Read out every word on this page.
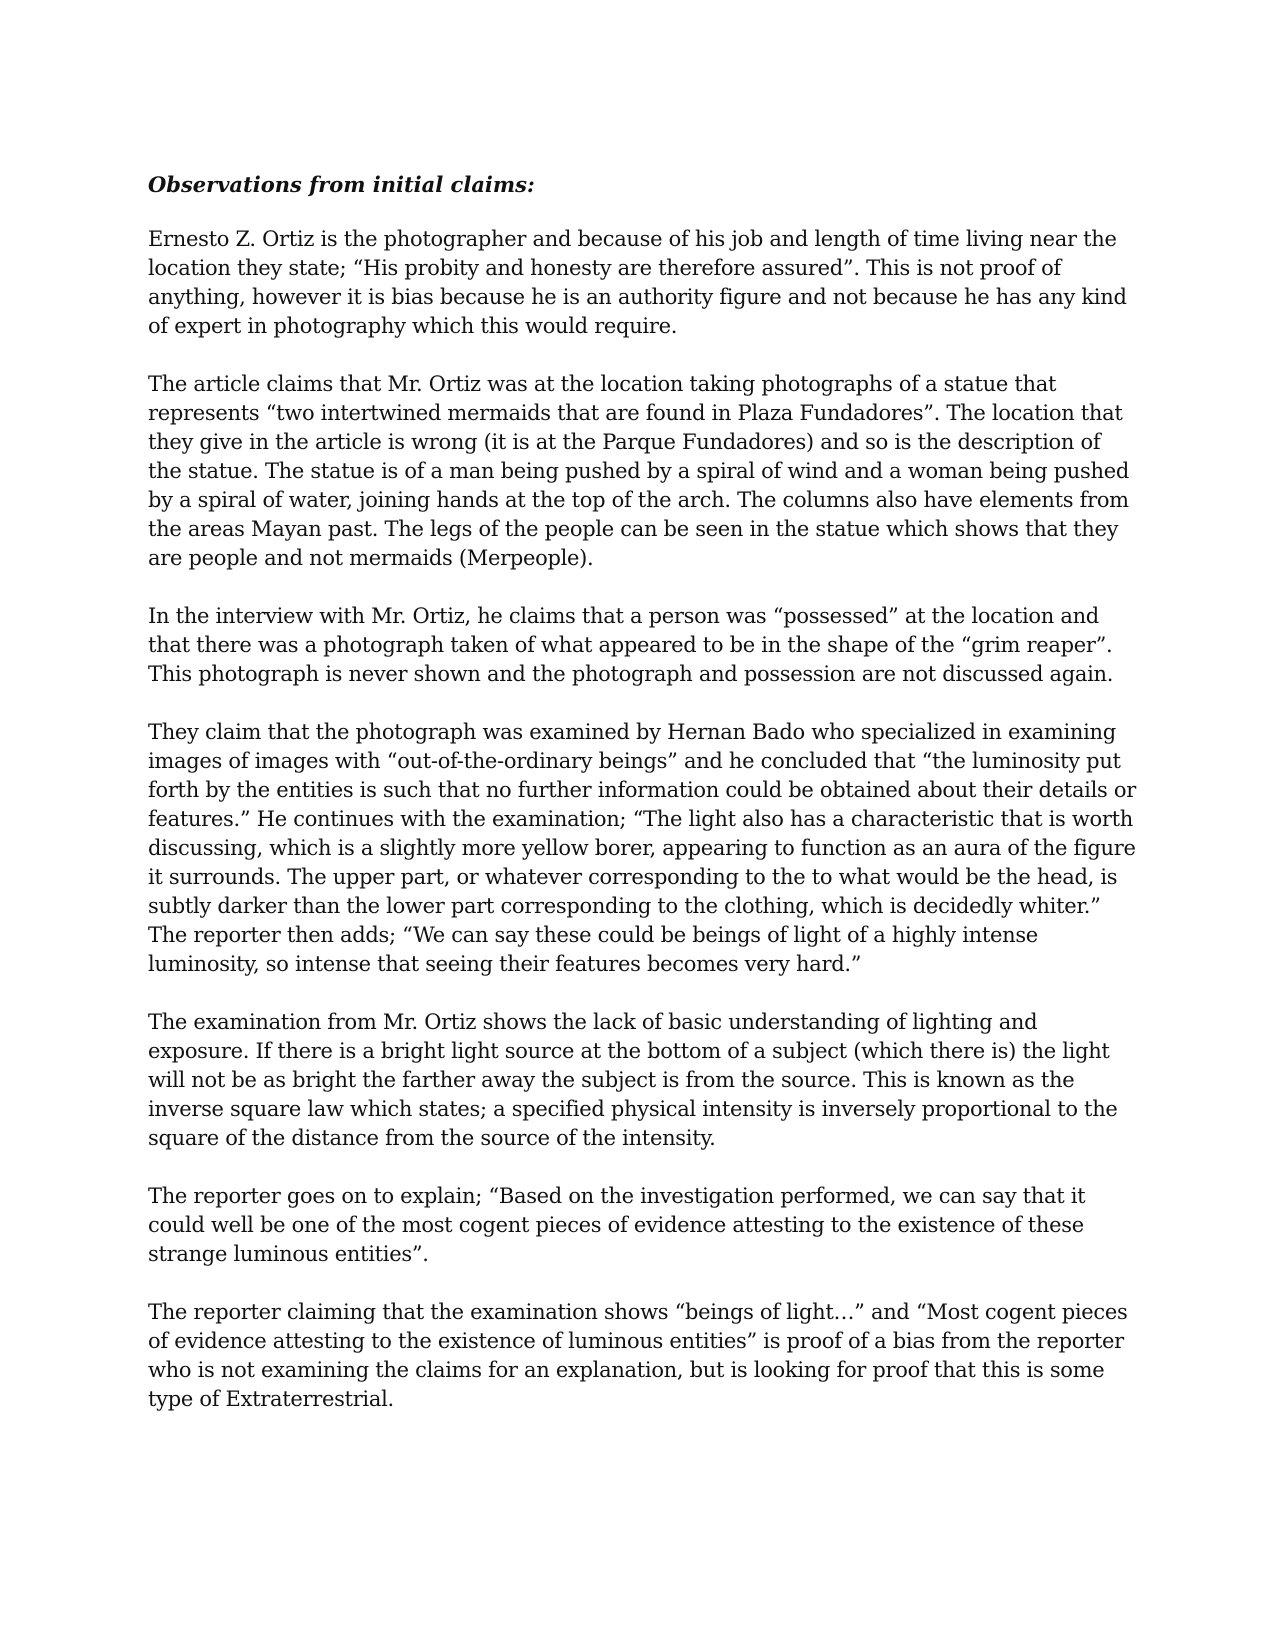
Observations from initial claims:

Ernesto Z. Ortiz is the photographer and because of his job and length of time living near the location they state; “His probity and honesty are therefore assured”. This is not proof of anything, however it is bias because he is an authority figure and not because he has any kind of expert in photography which this would require.

The article claims that Mr. Ortiz was at the location taking photographs of a statue that represents “two intertwined mermaids that are found in Plaza Fundadores”. The location that they give in the article is wrong (it is at the Parque Fundadores) and so is the description of the statue. The statue is of a man being pushed by a spiral of wind and a woman being pushed by a spiral of water, joining hands at the top of the arch. The columns also have elements from the areas Mayan past. The legs of the people can be seen in the statue which shows that they are people and not mermaids (Merpeople).

In the interview with Mr. Ortiz, he claims that a person was “possessed” at the location and that there was a photograph taken of what appeared to be in the shape of the “grim reaper”. This photograph is never shown and the photograph and possession are not discussed again.

They claim that the photograph was examined by Hernan Bado who specialized in examining images of images with “out-of-the-ordinary beings” and he concluded that “the luminosity put forth by the entities is such that no further information could be obtained about their details or features.” He continues with the examination; “The light also has a characteristic that is worth discussing, which is a slightly more yellow borer, appearing to function as an aura of the figure it surrounds. The upper part, or whatever corresponding to the to what would be the head, is subtly darker than the lower part corresponding to the clothing, which is decidedly whiter.” The reporter then adds; “We can say these could be beings of light of a highly intense luminosity, so intense that seeing their features becomes very hard.”

The examination from Mr. Ortiz shows the lack of basic understanding of lighting and exposure. If there is a bright light source at the bottom of a subject (which there is) the light will not be as bright the farther away the subject is from the source. This is known as the inverse square law which states; a specified physical intensity is inversely proportional to the square of the distance from the source of the intensity.

The reporter goes on to explain; “Based on the investigation performed, we can say that it could well be one of the most cogent pieces of evidence attesting to the existence of these strange luminous entities”.

The reporter claiming that the examination shows “beings of light…” and “Most cogent pieces of evidence attesting to the existence of luminous entities” is proof of a bias from the reporter who is not examining the claims for an explanation, but is looking for proof that this is some type of Extraterrestrial.
